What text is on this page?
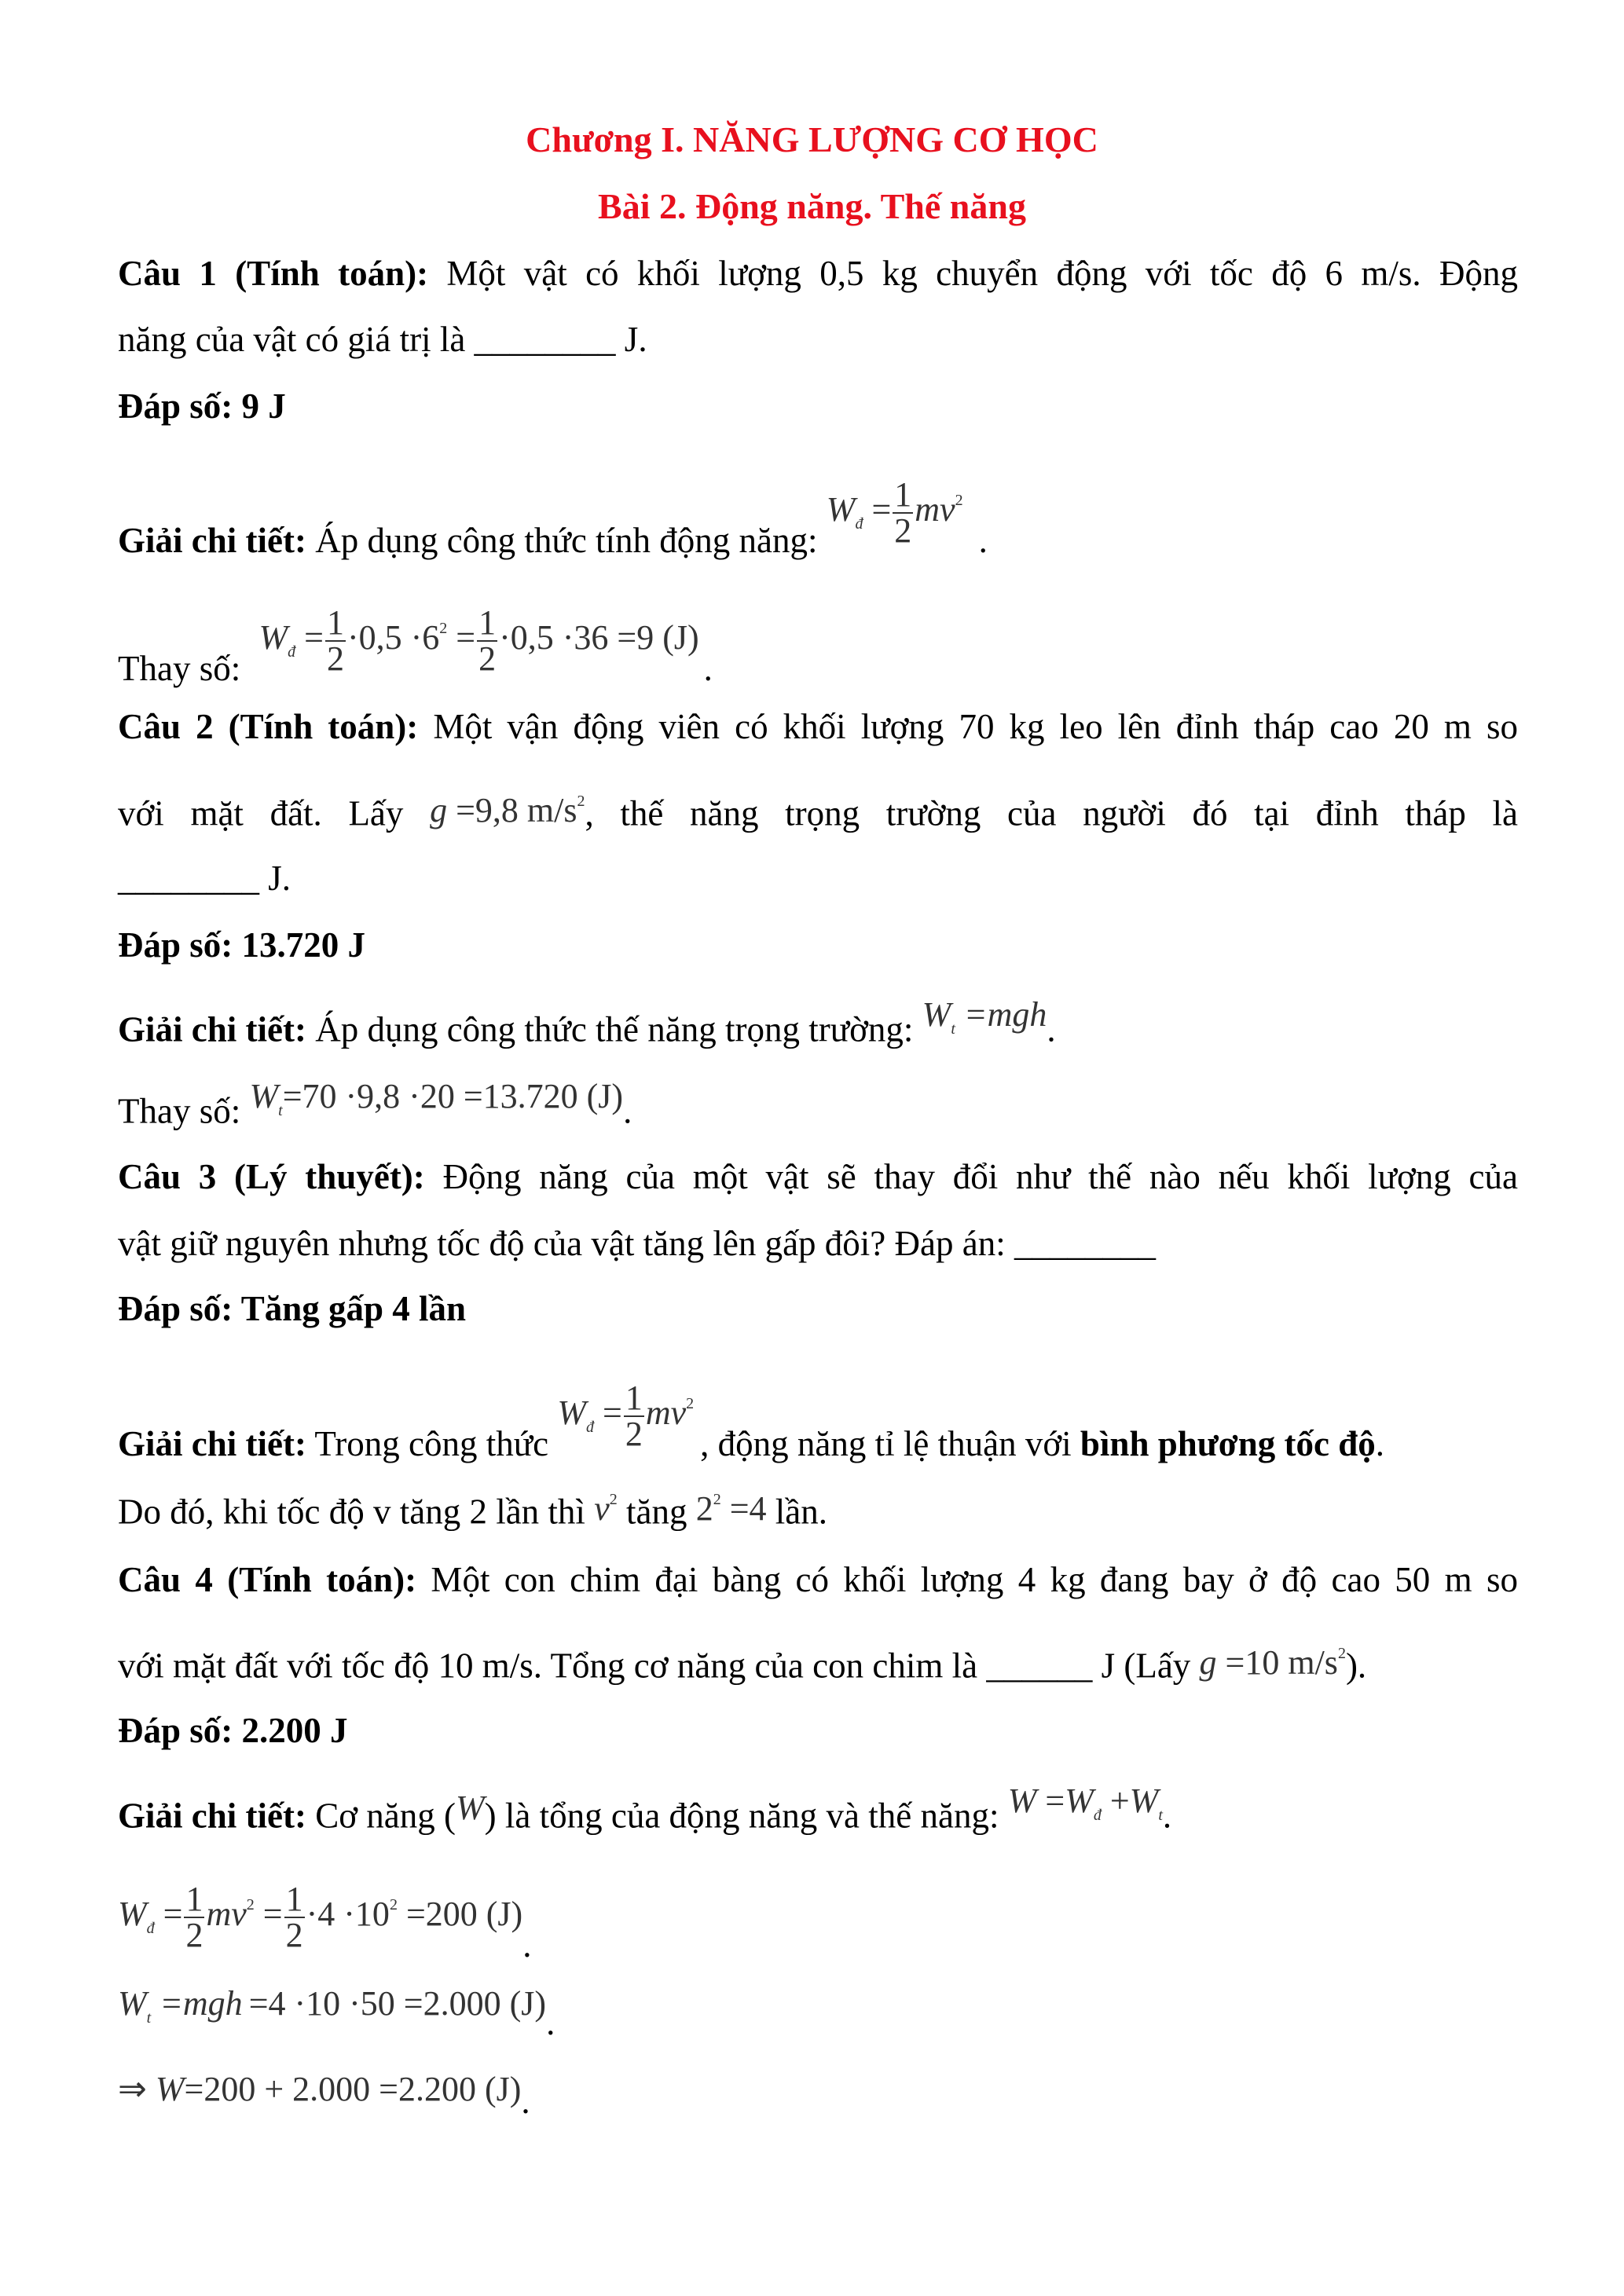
Chương I. NĂNG LƯỢNG CƠ HỌC
Bài 2. Động năng. Thế năng
Câu 1 (Tính toán): Một vật có khối lượng 0,5 kg chuyển động với tốc độ 6 m/s. Động
năng của vật có giá trị là ________ J.
Đáp số: 9 J
Giải chi tiết: Áp dụng công thức tính động năng: $W_đ = \frac{1}{2} mv^2$.
Thay số: $W_đ = \frac{1}{2} \cdot 0,5 \cdot 6^2 = \frac{1}{2} \cdot 0,5 \cdot 36 =9$ (J).
Câu 2 (Tính toán): Một vận động viên có khối lượng 70 kg leo lên đỉnh tháp cao 20 m so
với mặt đất. Lấy g =9,8 $m/s^2$, thế năng trọng trường của người đó tại đỉnh tháp là
________ J.
Đáp số: 13.720 J
Giải chi tiết: Áp dụng công thức thế năng trọng trường: $W_t =mgh$.
Thay số: $W_t=70 \cdot 9,8 \cdot 20 =13.720$ (J).
Câu 3 (Lý thuyết): Động năng của một vật sẽ thay đổi như thế nào nếu khối lượng của
vật giữ nguyên nhưng tốc độ của vật tăng lên gấp đôi? Đáp án: ________
Đáp số: Tăng gấp 4 lần
Giải chi tiết: Trong công thức $W_đ = \frac{1}{2} mv^2$, động năng tỉ lệ thuận với bình phương tốc độ.
Do đó, khi tốc độ v tăng 2 lần thì $v^2$ tăng $2^2 =4$ lần.
Câu 4 (Tính toán): Một con chim đại bàng có khối lượng 4 kg đang bay ở độ cao 50 m so
với mặt đất với tốc độ 10 m/s. Tổng cơ năng của con chim là ______ J (Lấy g =10 $m/s^2$).
Đáp số: 2.200 J
Giải chi tiết: Cơ năng (W) là tổng của động năng và thế năng: $W =W_đ +W_t$.
$W_đ = \frac{1}{2} mv^2 = \frac{1}{2} \cdot 4 \cdot 10^2 =200$ (J).
$W_t =mgh =4 \cdot 10 \cdot 50 =2.000$ (J).
⇒ W=200 + 2.000 =2.200 (J).
